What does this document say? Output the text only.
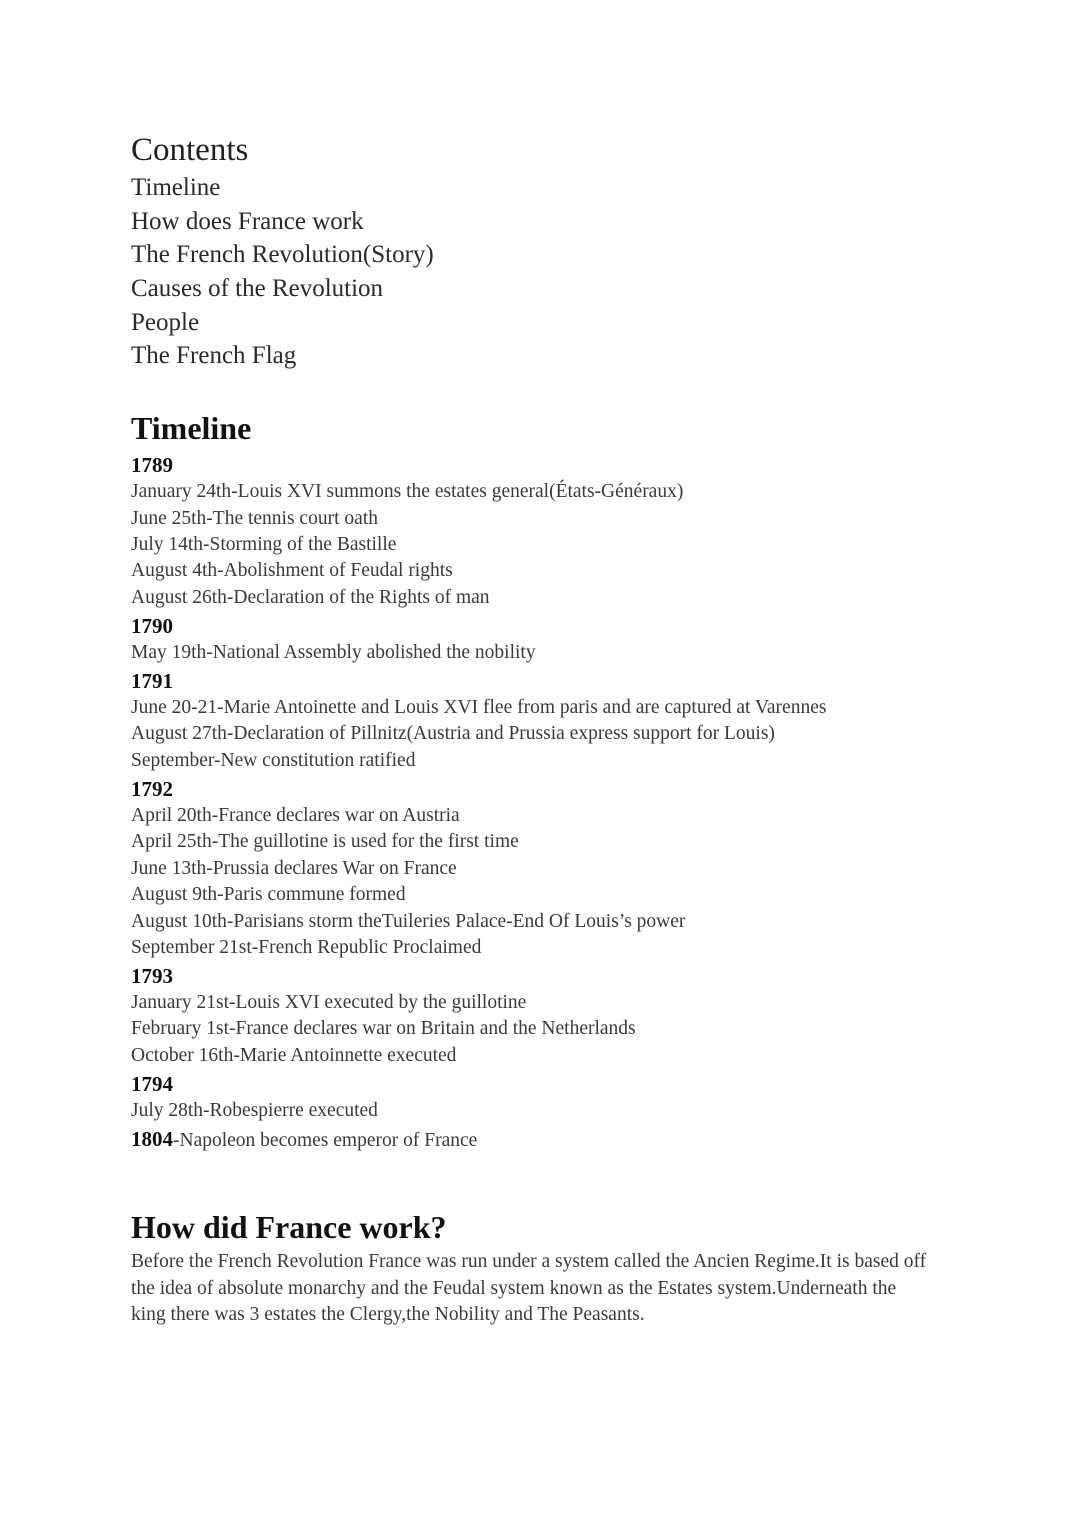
Contents
Timeline
How does France work
The French Revolution(Story)
Causes of the Revolution
People
The French Flag
Timeline
1789
January 24th-Louis XVI summons the estates general(États-Généraux)
June 25th-The tennis court oath
July 14th-Storming of the Bastille
August 4th-Abolishment of Feudal rights
August 26th-Declaration of the Rights of man
1790
May 19th-National Assembly abolished the nobility
1791
June 20-21-Marie Antoinette and Louis XVI flee from paris and are captured at Varennes
August 27th-Declaration of Pillnitz(Austria and Prussia express support for Louis)
September-New constitution ratified
1792
April 20th-France declares war on Austria
April 25th-The guillotine is used for the first time
June 13th-Prussia declares War on France
August 9th-Paris commune formed
August 10th-Parisians storm theTuileries Palace-End Of Louis’s power
September 21st-French Republic Proclaimed
1793
January 21st-Louis XVI executed by the guillotine
February 1st-France declares war on Britain and the Netherlands
October 16th-Marie Antoinnette executed
1794
July 28th-Robespierre executed
1804-Napoleon becomes emperor of France
How did France work?
Before the French Revolution France was run under a system called the Ancien Regime.It is based off the idea of absolute monarchy and the Feudal system known as the Estates system.Underneath the king there was 3 estates the Clergy,the Nobility and The Peasants.
